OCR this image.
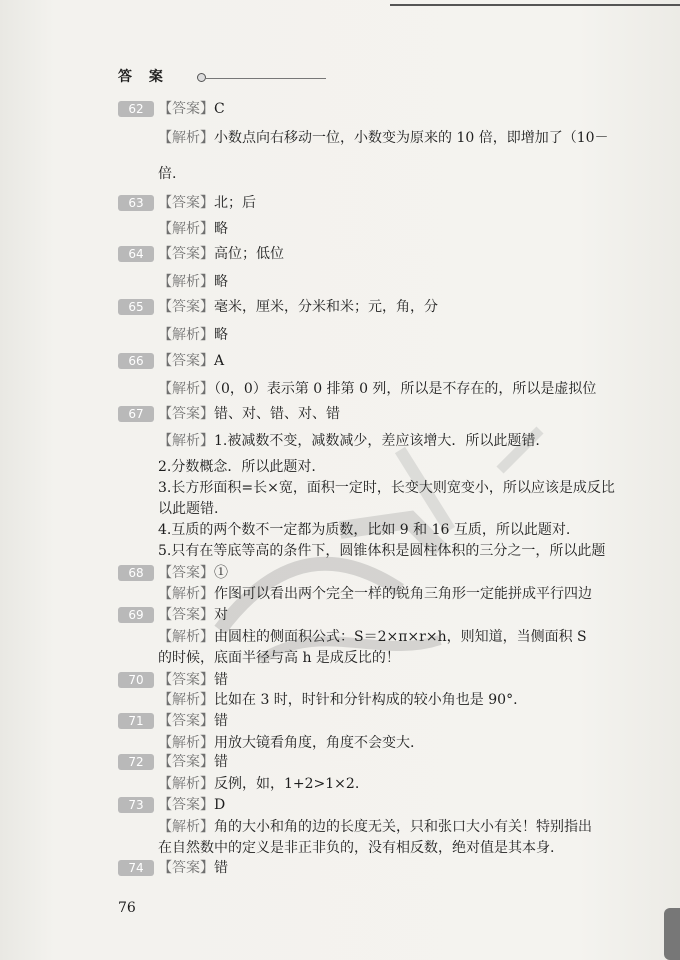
答 案
62	【答案】C
【解析】小数点向右移动一位，小数变为原来的 10 倍，即增加了（10－
倍.
63	【答案】北；后
【解析】略
64	【答案】高位；低位
【解析】略
65	【答案】毫米，厘米，分米和米；元，角，分
【解析】略
66	【答案】A
【解析】（0，0）表示第 0 排第 0 列，所以是不存在的，所以是虚拟位
67	【答案】错、对、错、对、错
【解析】1.被减数不变，减数减少，差应该增大．所以此题错.
2.分数概念．所以此题对.
3.长方形面积=长×宽，面积一定时，长变大则宽变小，所以应该是成反比
以此题错.
4.互质的两个数不一定都为质数，比如 9 和 16 互质，所以此题对.
5.只有在等底等高的条件下，圆锥体积是圆柱体积的三分之一，所以此题
68	【答案】①
【解析】作图可以看出两个完全一样的锐角三角形一定能拼成平行四边
69	【答案】对
【解析】由圆柱的侧面积公式：S＝2×π×r×h，则知道，当侧面积 S
的时候，底面半径与高 h 是成反比的！
70	【答案】错
【解析】比如在 3 时，时针和分针构成的较小角也是 90°.
71	【答案】错
【解析】用放大镜看角度，角度不会变大.
72	【答案】错
【解析】反例，如，1+2>1×2.
73	【答案】D
【解析】角的大小和角的边的长度无关，只和张口大小有关！特别指出
在自然数中的定义是非正非负的，没有相反数，绝对值是其本身.
74	【答案】错
76
